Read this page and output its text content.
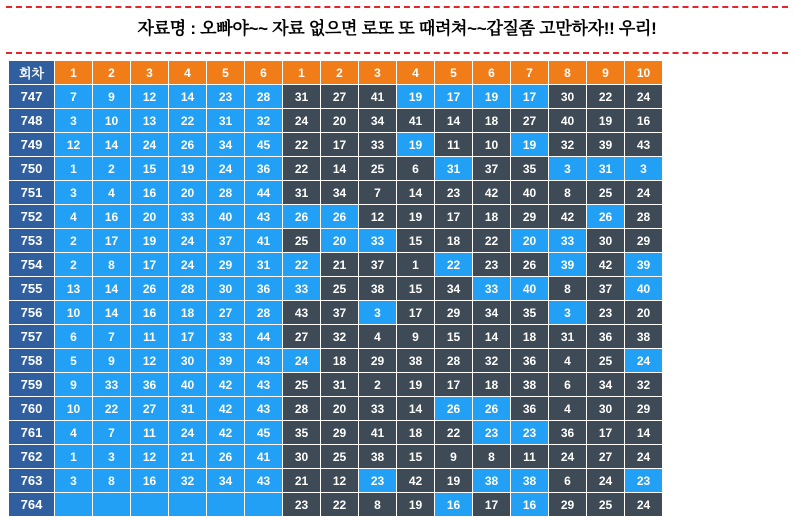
자료명 : 오빠야~~ 자료 없으면 로또 또 때려쳐~~갑질좀 고만하자!! 우리!
회차	1	2	3	4	5	6	1	2	3	4	5	6	7	8	9	10
747	7	9	12	14	23	28	31	27	41	19	17	19	17	30	22	24
748	3	10	13	22	31	32	24	20	34	41	14	18	27	40	19	16
749	12	14	24	26	34	45	22	17	33	19	11	10	19	32	39	43
750	1	2	15	19	24	36	22	14	25	6	31	37	35	3	31	3
751	3	4	16	20	28	44	31	34	7	14	23	42	40	8	25	24
752	4	16	20	33	40	43	26	26	12	19	17	18	29	42	26	28
753	2	17	19	24	37	41	25	20	33	15	18	22	20	33	30	29
754	2	8	17	24	29	31	22	21	37	1	22	23	26	39	42	39
755	13	14	26	28	30	36	33	25	38	15	34	33	40	8	37	40
756	10	14	16	18	27	28	43	37	3	17	29	34	35	3	23	20
757	6	7	11	17	33	44	27	32	4	9	15	14	18	31	36	38
758	5	9	12	30	39	43	24	18	29	38	28	32	36	4	25	24
759	9	33	36	40	42	43	25	31	2	19	17	18	38	6	34	32
760	10	22	27	31	42	43	28	20	33	14	26	26	36	4	30	29
761	4	7	11	24	42	45	35	29	41	18	22	23	23	36	17	14
762	1	3	12	21	26	41	30	25	38	15	9	8	11	24	27	24
763	3	8	16	32	34	43	21	12	23	42	19	38	38	6	24	23
764							23	22	8	19	16	17	16	29	25	24
